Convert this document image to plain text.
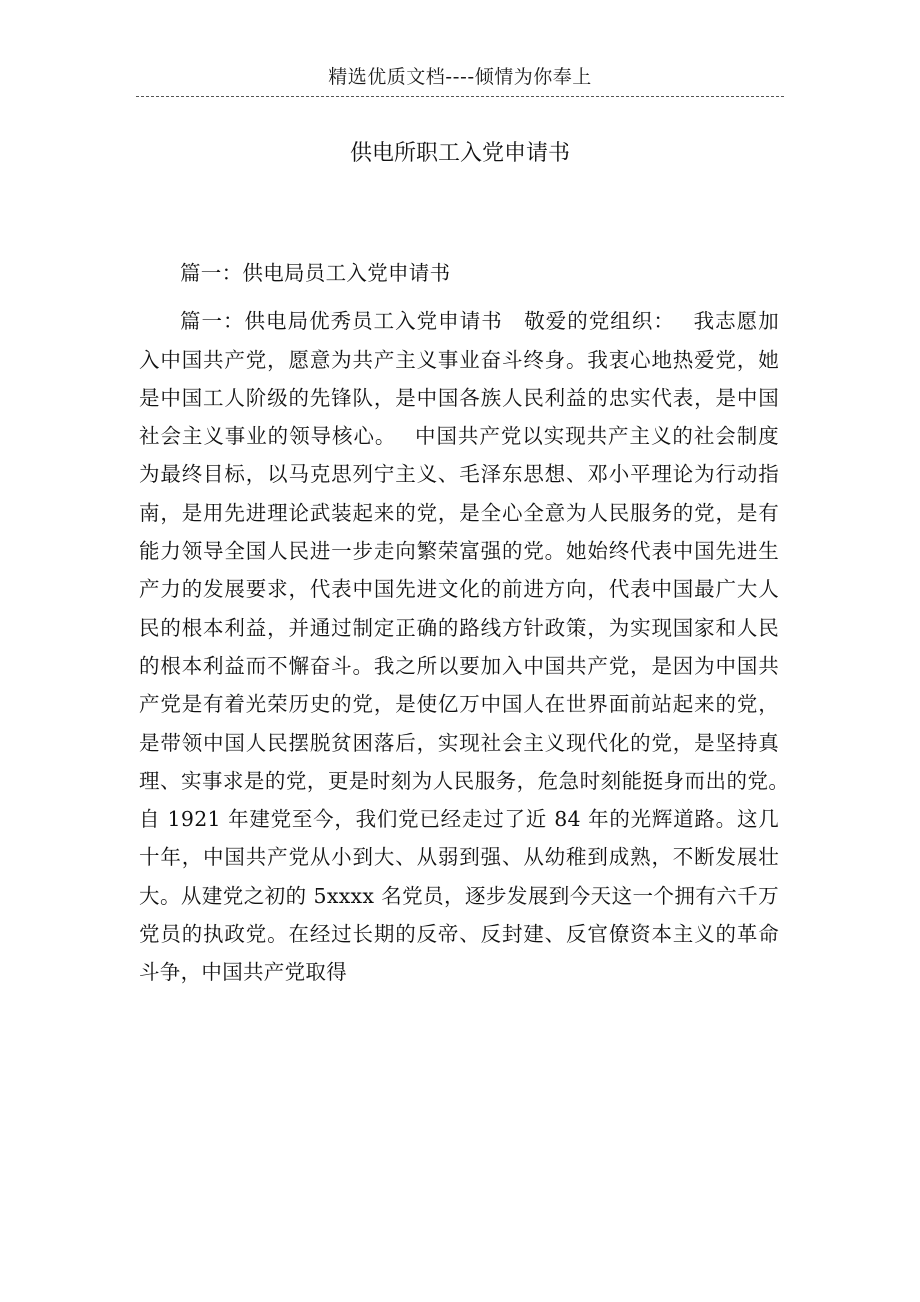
精选优质文档----倾情为你奉上
供电所职工入党申请书

篇一：供电局员工入党申请书

篇一：供电局优秀员工入党申请书　敬爱的党组织：　 我志愿加入中国共产党，愿意为共产主义事业奋斗终身。我衷心地热爱党，她是中国工人阶级的先锋队，是中国各族人民利益的忠实代表，是中国社会主义事业的领导核心。　 中国共产党以实现共产主义的社会制度为最终目标，以马克思列宁主义、毛泽东思想、邓小平理论为行动指南，是用先进理论武装起来的党，是全心全意为人民服务的党，是有能力领导全国人民进一步走向繁荣富强的党。她始终代表中国先进生产力的发展要求，代表中国先进文化的前进方向，代表中国最广大人民的根本利益，并通过制定正确的路线方针政策，为实现国家和人民的根本利益而不懈奋斗。我之所以要加入中国共产党，是因为中国共产党是有着光荣历史的党，是使亿万中国人在世界面前站起来的党，是带领中国人民摆脱贫困落后，实现社会主义现代化的党，是坚持真理、实事求是的党，更是时刻为人民服务，危急时刻能挺身而出的党。　 自 1921 年建党至今，我们党已经走过了近 84 年的光辉道路。这几十年，中国共产党从小到大、从弱到强、从幼稚到成熟，不断发展壮大。从建党之初的 5xxxx 名党员，逐步发展到今天这一个拥有六千万党员的执政党。在经过长期的反帝、反封建、反官僚资本主义的革命斗争，中国共产党取得
